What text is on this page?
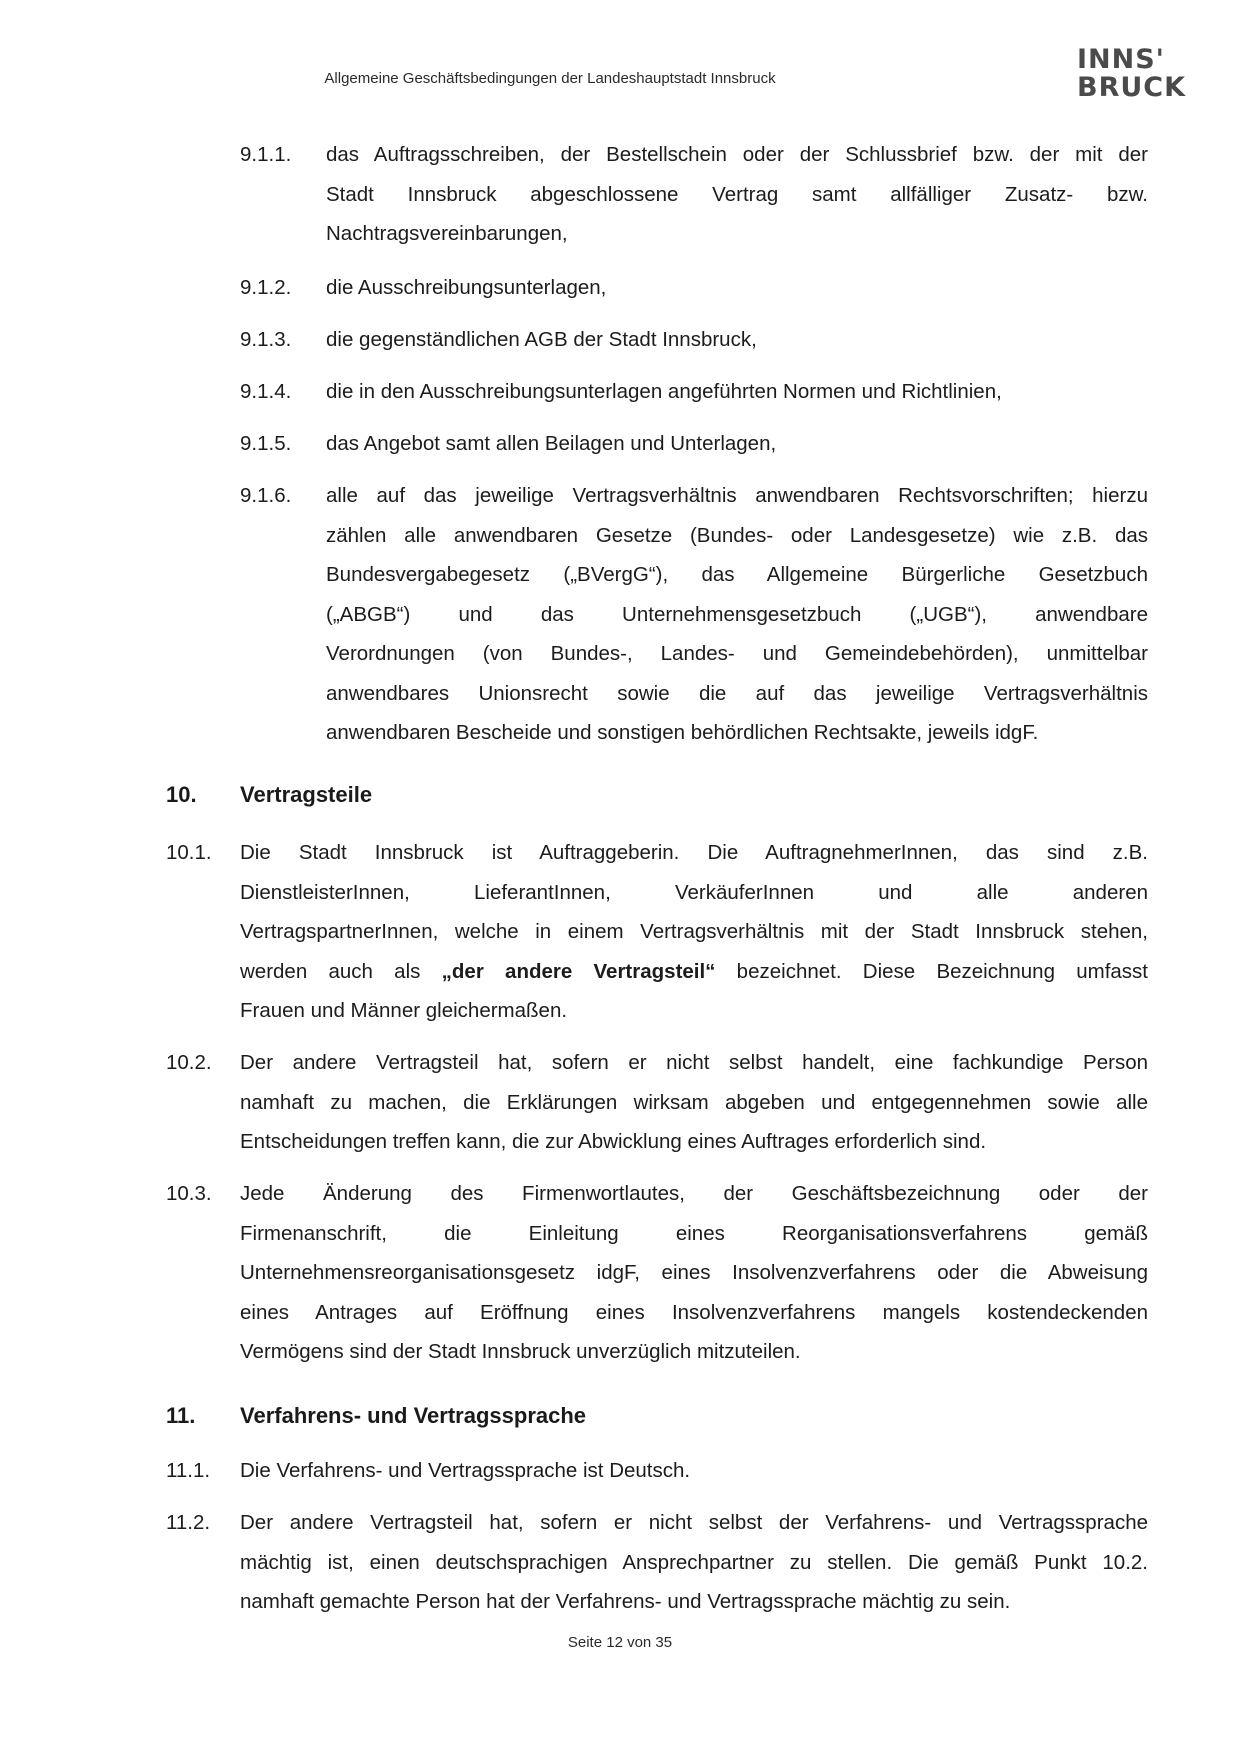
Allgemeine Geschäftsbedingungen der Landeshauptstadt Innsbruck
INNS'
BRUCK
9.1.1. das Auftragsschreiben, der Bestellschein oder der Schlussbrief bzw. der mit der
Stadt Innsbruck abgeschlossene Vertrag samt allfälliger Zusatz- bzw.
Nachtragsvereinbarungen,
9.1.2. die Ausschreibungsunterlagen,
9.1.3. die gegenständlichen AGB der Stadt Innsbruck,
9.1.4. die in den Ausschreibungsunterlagen angeführten Normen und Richtlinien,
9.1.5. das Angebot samt allen Beilagen und Unterlagen,
9.1.6. alle auf das jeweilige Vertragsverhältnis anwendbaren Rechtsvorschriften; hierzu
zählen alle anwendbaren Gesetze (Bundes- oder Landesgesetze) wie z.B. das
Bundesvergabegesetz („BVergG“), das Allgemeine Bürgerliche Gesetzbuch
(„ABGB“) und das Unternehmensgesetzbuch („UGB“), anwendbare
Verordnungen (von Bundes-, Landes- und Gemeindebehörden), unmittelbar
anwendbares Unionsrecht sowie die auf das jeweilige Vertragsverhältnis
anwendbaren Bescheide und sonstigen behördlichen Rechtsakte, jeweils idgF.
10. Vertragsteile
10.1. Die Stadt Innsbruck ist Auftraggeberin. Die AuftragnehmerInnen, das sind z.B.
DienstleisterInnen, LieferantInnen, VerkäuferInnen und alle anderen
VertragspartnerInnen, welche in einem Vertragsverhältnis mit der Stadt Innsbruck stehen,
werden auch als „der andere Vertragsteil“ bezeichnet. Diese Bezeichnung umfasst
Frauen und Männer gleichermaßen.
10.2. Der andere Vertragsteil hat, sofern er nicht selbst handelt, eine fachkundige Person
namhaft zu machen, die Erklärungen wirksam abgeben und entgegennehmen sowie alle
Entscheidungen treffen kann, die zur Abwicklung eines Auftrages erforderlich sind.
10.3. Jede Änderung des Firmenwortlautes, der Geschäftsbezeichnung oder der
Firmenanschrift, die Einleitung eines Reorganisationsverfahrens gemäß
Unternehmensreorganisationsgesetz idgF, eines Insolvenzverfahrens oder die Abweisung
eines Antrages auf Eröffnung eines Insolvenzverfahrens mangels kostendeckenden
Vermögens sind der Stadt Innsbruck unverzüglich mitzuteilen.
11. Verfahrens- und Vertragssprache
11.1. Die Verfahrens- und Vertragssprache ist Deutsch.
11.2. Der andere Vertragsteil hat, sofern er nicht selbst der Verfahrens- und Vertragssprache
mächtig ist, einen deutschsprachigen Ansprechpartner zu stellen. Die gemäß Punkt 10.2.
namhaft gemachte Person hat der Verfahrens- und Vertragssprache mächtig zu sein.
Seite 12 von 35
